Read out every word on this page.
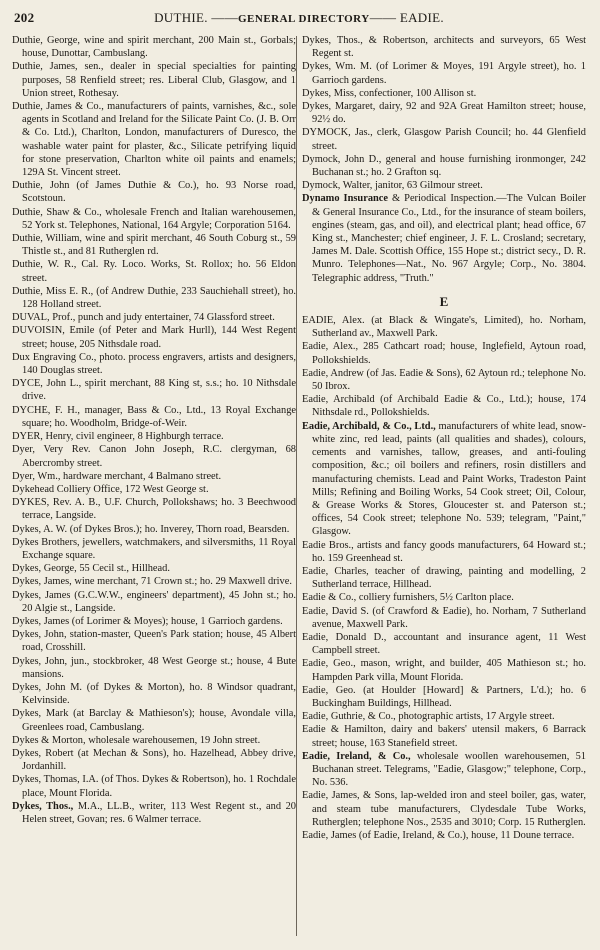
202	DUTHIE. ——GENERAL DIRECTORY—— EADIE.

Duthie, George, wine and spirit merchant, 200 Main st., Gorbals; house, Dunottar, Cambuslang.

Duthie, James, sen., dealer in special specialties for painting purposes, 58 Renfield street; res. Liberal Club, Glasgow, and 1 Union street, Rothesay.

Duthie, James & Co., manufacturers of paints, varnishes, &c., sole agents in Scotland and Ireland for the Silicate Paint Co. (J. B. Orr & Co. Ltd.), Charlton, London, manufacturers of Duresco, the washable water paint for plaster, &c., Silicate petrifying liquid for stone preservation, Charlton white oil paints and enamels; 129A St. Vincent street.

Duthie, John (of James Duthie & Co.), ho. 93 Norse road, Scotstoun.

Duthie, Shaw & Co., wholesale French and Italian warehousemen, 52 York st. Telephones, National, 164 Argyle; Corporation 5164.

Duthie, William, wine and spirit merchant, 46 South Coburg st., 59 Thistle st., and 81 Rutherglen rd.

Duthie, W. R., Cal. Ry. Loco. Works, St. Rollox; ho. 56 Eldon street.

Duthie, Miss E. R., (of Andrew Duthie, 233 Sauchiehall street), ho. 128 Holland street.

DUVAL, Prof., punch and judy entertainer, 74 Glassford street.

DUVOISIN, Emile (of Peter and Mark Hurll), 144 West Regent street; house, 205 Nithsdale road.

Dux Engraving Co., photo. process engravers, artists and designers, 140 Douglas street.

DYCE, John L., spirit merchant, 88 King st, s.s.; ho. 10 Nithsdale drive.

DYCHE, F. H., manager, Bass & Co., Ltd., 13 Royal Exchange square; ho. Woodholm, Bridge-of-Weir.

DYER, Henry, civil engineer, 8 Highburgh terrace.

Dyer, Very Rev. Canon John Joseph, R.C. clergyman, 68 Abercromby street.

Dyer, Wm., hardware merchant, 4 Balmano street.

Dykehead Colliery Office, 172 West George st.

DYKES, Rev. A. B., U.F. Church, Pollokshaws; ho. 3 Beechwood terrace, Langside.

Dykes, A. W. (of Dykes Bros.); ho. Inverey, Thorn road, Bearsden.

Dykes Brothers, jewellers, watchmakers, and silversmiths, 11 Royal Exchange square.

Dykes, George, 55 Cecil st., Hillhead.

Dykes, James, wine merchant, 71 Crown st.; ho. 29 Maxwell drive.

Dykes, James (G.C.W.W., engineers' department), 45 John st.; ho. 20 Algie st., Langside.

Dykes, James (of Lorimer & Moyes); house, 1 Garrioch gardens.

Dykes, John, station-master, Queen's Park station; house, 45 Albert road, Crosshill.

Dykes, John, jun., stockbroker, 48 West George st.; house, 4 Bute mansions.

Dykes, John M. (of Dykes & Morton), ho. 8 Windsor quadrant, Kelvinside.

Dykes, Mark (at Barclay & Mathieson's); house, Avondale villa, Greenlees road, Cambuslang.

Dykes & Morton, wholesale warehousemen, 19 John street.

Dykes, Robert (at Mechan & Sons), ho. Hazelhead, Abbey drive, Jordanhill.

Dykes, Thomas, I.A. (of Thos. Dykes & Robertson), ho. 1 Rochdale place, Mount Florida.

Dykes, Thos., M.A., LL.B., writer, 113 West Regent st., and 20 Helen street, Govan; res. 6 Walmer terrace.

Dykes, Thos., & Robertson, architects and surveyors, 65 West Regent st.

Dykes, Wm. M. (of Lorimer & Moyes, 191 Argyle street), ho. 1 Garrioch gardens.

Dykes, Miss, confectioner, 100 Allison st.

Dykes, Margaret, dairy, 92 and 92A Great Hamilton street; house, 92½ do.

DYMOCK, Jas., clerk, Glasgow Parish Council; ho. 44 Glenfield street.

Dymock, John D., general and house furnishing ironmonger, 242 Buchanan st.; ho. 2 Grafton sq.

Dymock, Walter, janitor, 63 Gilmour street.

Dynamo Insurance & Periodical Inspection.—The Vulcan Boiler & General Insurance Co., Ltd., for the insurance of steam boilers, engines (steam, gas, and oil), and electrical plant; head office, 67 King st., Manchester; chief engineer, J. F. L. Crosland; secretary, James M. Dale. Scottish Office, 155 Hope st.; district secy., D. R. Munro. Telephones—Nat., No. 967 Argyle; Corp., No. 3804. Telegraphic address, "Truth."

E

EADIE, Alex. (at Black & Wingate's, Limited), ho. Norham, Sutherland av., Maxwell Park.

Eadie, Alex., 285 Cathcart road; house, Inglefield, Aytoun road, Pollokshields.

Eadie, Andrew (of Jas. Eadie & Sons), 62 Aytoun rd.; telephone No. 50 Ibrox.

Eadie, Archibald (of Archibald Eadie & Co., Ltd.); house, 174 Nithsdale rd., Pollokshields.

Eadie, Archibald, & Co., Ltd., manufacturers of white lead, snow-white zinc, red lead, paints (all qualities and shades), colours, cements and varnishes, tallow, greases, and anti-fouling composition, &c.; oil boilers and refiners, rosin distillers and manufacturing chemists. Lead and Paint Works, Tradeston Paint Mills; Refining and Boiling Works, 54 Cook street; Oil, Colour, & Grease Works & Stores, Gloucester st. and Paterson st.; offices, 54 Cook street; telephone No. 539; telegram, "Paint," Glasgow.

Eadie Bros., artists and fancy goods manufacturers, 64 Howard st.; ho. 159 Greenhead st.

Eadie, Charles, teacher of drawing, painting and modelling, 2 Sutherland terrace, Hillhead.

Eadie & Co., colliery furnishers, 5½ Carlton place.

Eadie, David S. (of Crawford & Eadie), ho. Norham, 7 Sutherland avenue, Maxwell Park.

Eadie, Donald D., accountant and insurance agent, 11 West Campbell street.

Eadie, Geo., mason, wright, and builder, 405 Mathieson st.; ho. Hampden Park villa, Mount Florida.

Eadie, Geo. (at Houlder [Howard] & Partners, L'd.); ho. 6 Buckingham Buildings, Hillhead.

Eadie, Guthrie, & Co., photographic artists, 17 Argyle street.

Eadie & Hamilton, dairy and bakers' utensil makers, 6 Barrack street; house, 163 Stanefield street.

Eadie, Ireland, & Co., wholesale woollen warehousemen, 51 Buchanan street. Telegrams, "Eadie, Glasgow;" telephone, Corp., No. 536.

Eadie, James, & Sons, lap-welded iron and steel boiler, gas, water, and steam tube manufacturers, Clydesdale Tube Works, Rutherglen; telephone Nos., 2535 and 3010; Corp. 15 Rutherglen.

Eadie, James (of Eadie, Ireland, & Co.), house, 11 Doune terrace.
